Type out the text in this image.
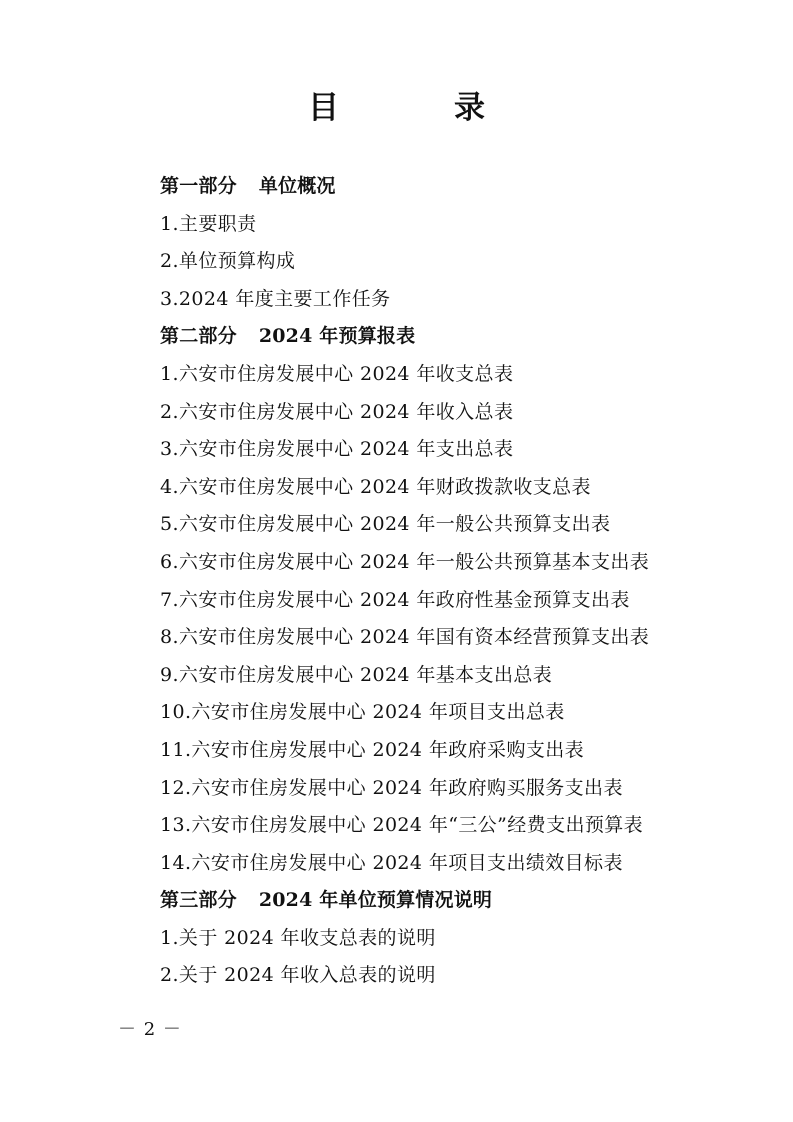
目　录
第一部分 单位概况
1.主要职责
2.单位预算构成
3.2024 年度主要工作任务
第二部分 2024 年预算报表
1.六安市住房发展中心 2024 年收支总表
2.六安市住房发展中心 2024 年收入总表
3.六安市住房发展中心 2024 年支出总表
4.六安市住房发展中心 2024 年财政拨款收支总表
5.六安市住房发展中心 2024 年一般公共预算支出表
6.六安市住房发展中心 2024 年一般公共预算基本支出表
7.六安市住房发展中心 2024 年政府性基金预算支出表
8.六安市住房发展中心 2024 年国有资本经营预算支出表
9.六安市住房发展中心 2024 年基本支出总表
10.六安市住房发展中心 2024 年项目支出总表
11.六安市住房发展中心 2024 年政府采购支出表
12.六安市住房发展中心 2024 年政府购买服务支出表
13.六安市住房发展中心 2024 年“三公”经费支出预算表
14.六安市住房发展中心 2024 年项目支出绩效目标表
第三部分 2024 年单位预算情况说明
1.关于 2024 年收支总表的说明
2.关于 2024 年收入总表的说明
－ 2 －
